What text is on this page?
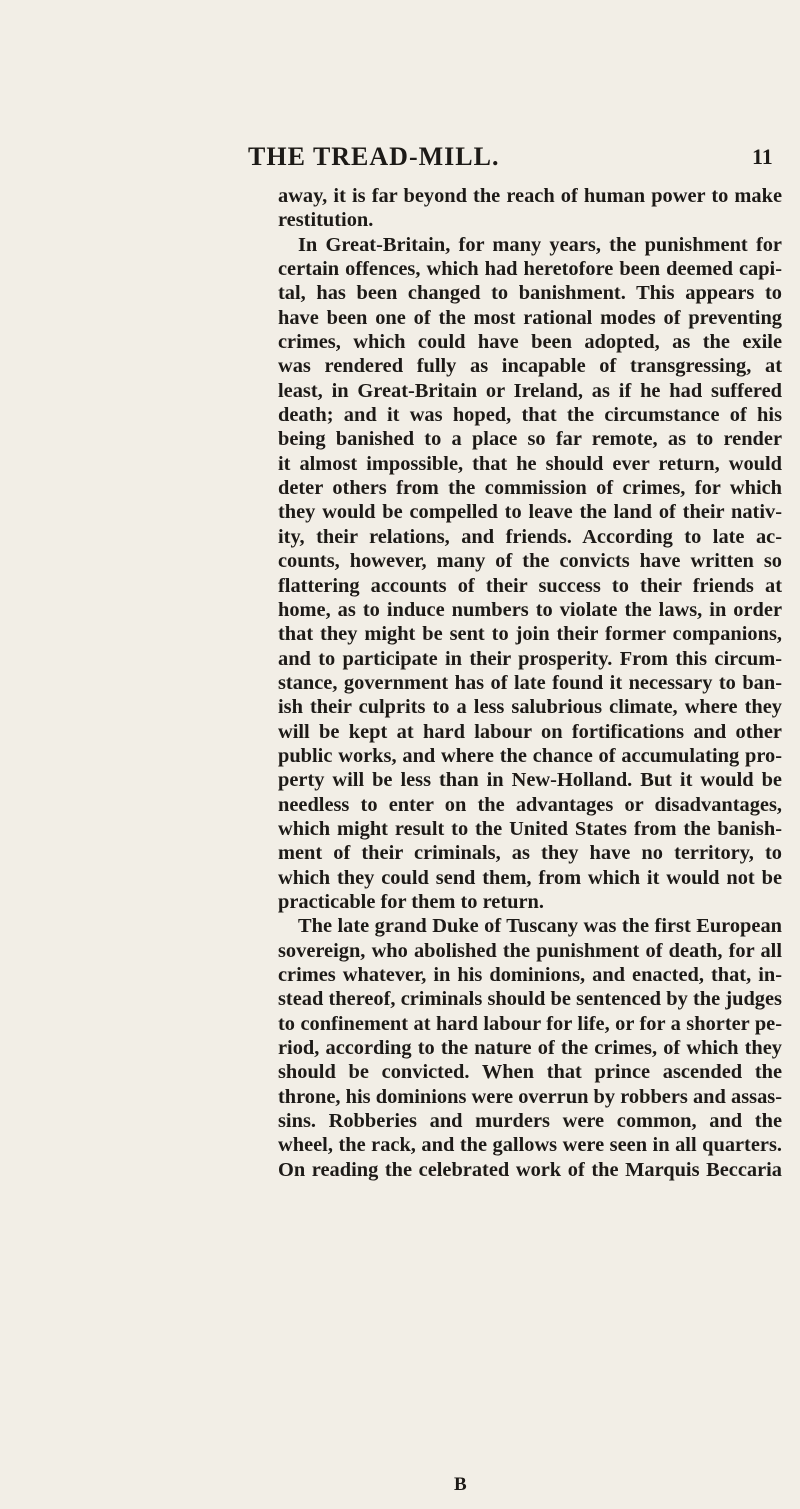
THE TREAD-MILL.	11
away, it is far beyond the reach of human power to make
restitution.
In Great-Britain, for many years, the punishment for
certain offences, which had heretofore been deemed capi-
tal, has been changed to banishment. This appears to
have been one of the most rational modes of preventing
crimes, which could have been adopted, as the exile
was rendered fully as incapable of transgressing, at
least, in Great-Britain or Ireland, as if he had suffered
death; and it was hoped, that the circumstance of his
being banished to a place so far remote, as to render
it almost impossible, that he should ever return, would
deter others from the commission of crimes, for which
they would be compelled to leave the land of their nativ-
ity, their relations, and friends. According to late ac-
counts, however, many of the convicts have written so
flattering accounts of their success to their friends at
home, as to induce numbers to violate the laws, in order
that they might be sent to join their former companions,
and to participate in their prosperity. From this circum-
stance, government has of late found it necessary to ban-
ish their culprits to a less salubrious climate, where they
will be kept at hard labour on fortifications and other
public works, and where the chance of accumulating pro-
perty will be less than in New-Holland. But it would be
needless to enter on the advantages or disadvantages,
which might result to the United States from the banish-
ment of their criminals, as they have no territory, to
which they could send them, from which it would not be
practicable for them to return.
The late grand Duke of Tuscany was the first European
sovereign, who abolished the punishment of death, for all
crimes whatever, in his dominions, and enacted, that, in-
stead thereof, criminals should be sentenced by the judges
to confinement at hard labour for life, or for a shorter pe-
riod, according to the nature of the crimes, of which they
should be convicted. When that prince ascended the
throne, his dominions were overrun by robbers and assas-
sins. Robberies and murders were common, and the
wheel, the rack, and the gallows were seen in all quarters.
On reading the celebrated work of the Marquis Beccaria
B
